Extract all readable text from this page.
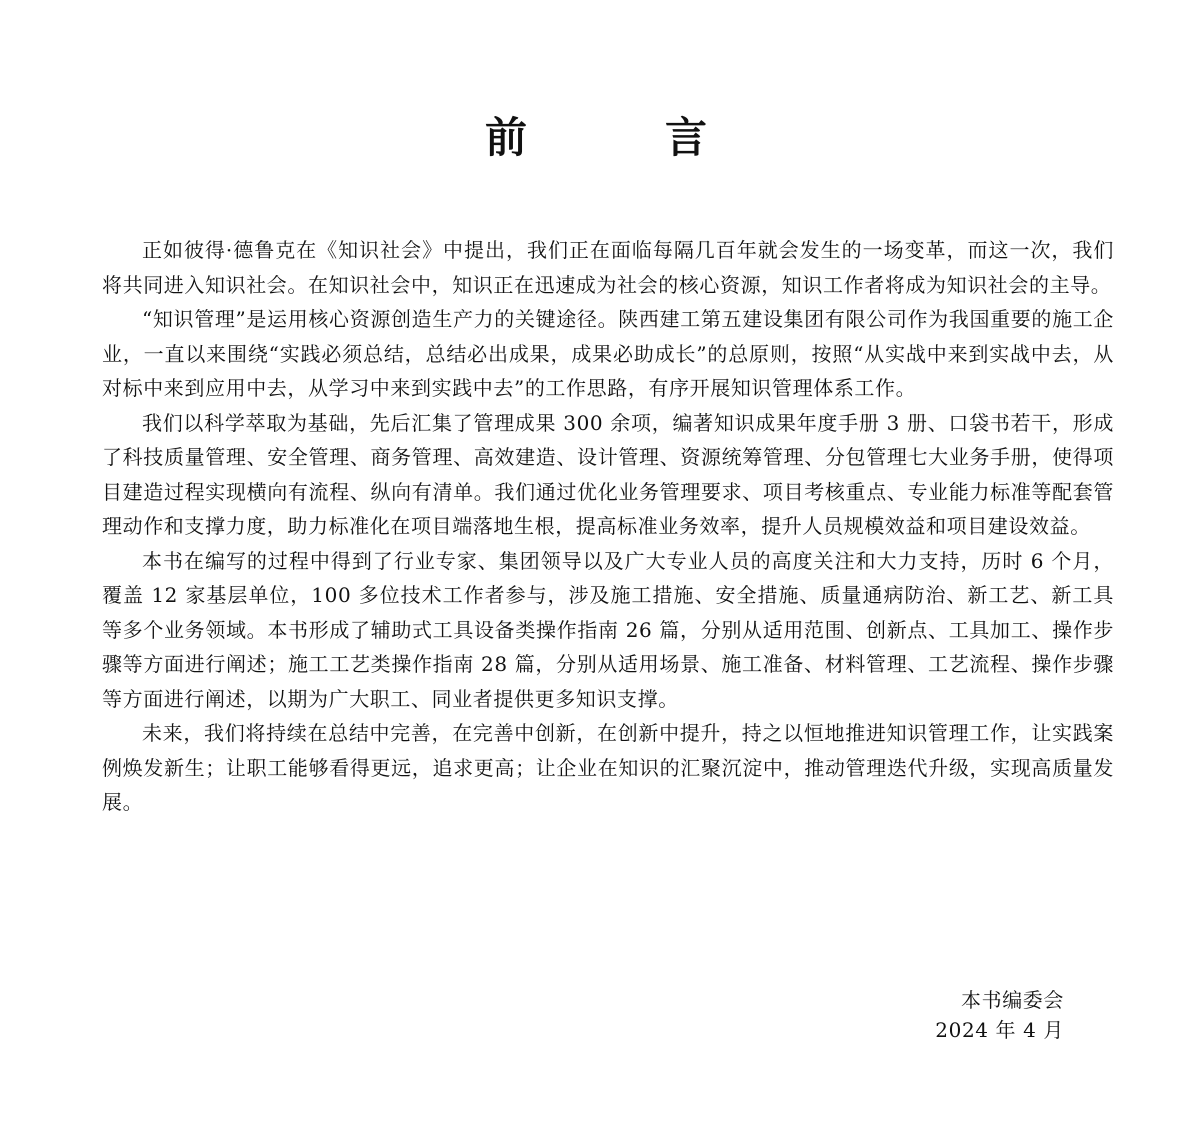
前　言

正如彼得·德鲁克在《知识社会》中提出，我们正在面临每隔几百年就会发生的一场变革，而这一次，我们将共同进入知识社会。在知识社会中，知识正在迅速成为社会的核心资源，知识工作者将成为知识社会的主导。

“知识管理”是运用核心资源创造生产力的关键途径。陕西建工第五建设集团有限公司作为我国重要的施工企业，一直以来围绕“实践必须总结，总结必出成果，成果必助成长”的总原则，按照“从实战中来到实战中去，从对标中来到应用中去，从学习中来到实践中去”的工作思路，有序开展知识管理体系工作。

我们以科学萃取为基础，先后汇集了管理成果 300 余项，编著知识成果年度手册 3 册、口袋书若干，形成了科技质量管理、安全管理、商务管理、高效建造、设计管理、资源统筹管理、分包管理七大业务手册，使得项目建造过程实现横向有流程、纵向有清单。我们通过优化业务管理要求、项目考核重点、专业能力标准等配套管理动作和支撑力度，助力标准化在项目端落地生根，提高标准业务效率，提升人员规模效益和项目建设效益。

本书在编写的过程中得到了行业专家、集团领导以及广大专业人员的高度关注和大力支持，历时 6 个月，覆盖 12 家基层单位，100 多位技术工作者参与，涉及施工措施、安全措施、质量通病防治、新工艺、新工具等多个业务领域。本书形成了辅助式工具设备类操作指南 26 篇，分别从适用范围、创新点、工具加工、操作步骤等方面进行阐述；施工工艺类操作指南 28 篇，分别从适用场景、施工准备、材料管理、工艺流程、操作步骤等方面进行阐述，以期为广大职工、同业者提供更多知识支撑。

未来，我们将持续在总结中完善，在完善中创新，在创新中提升，持之以恒地推进知识管理工作，让实践案例焕发新生；让职工能够看得更远，追求更高；让企业在知识的汇聚沉淀中，推动管理迭代升级，实现高质量发展。

本书编委会
2024 年 4 月
